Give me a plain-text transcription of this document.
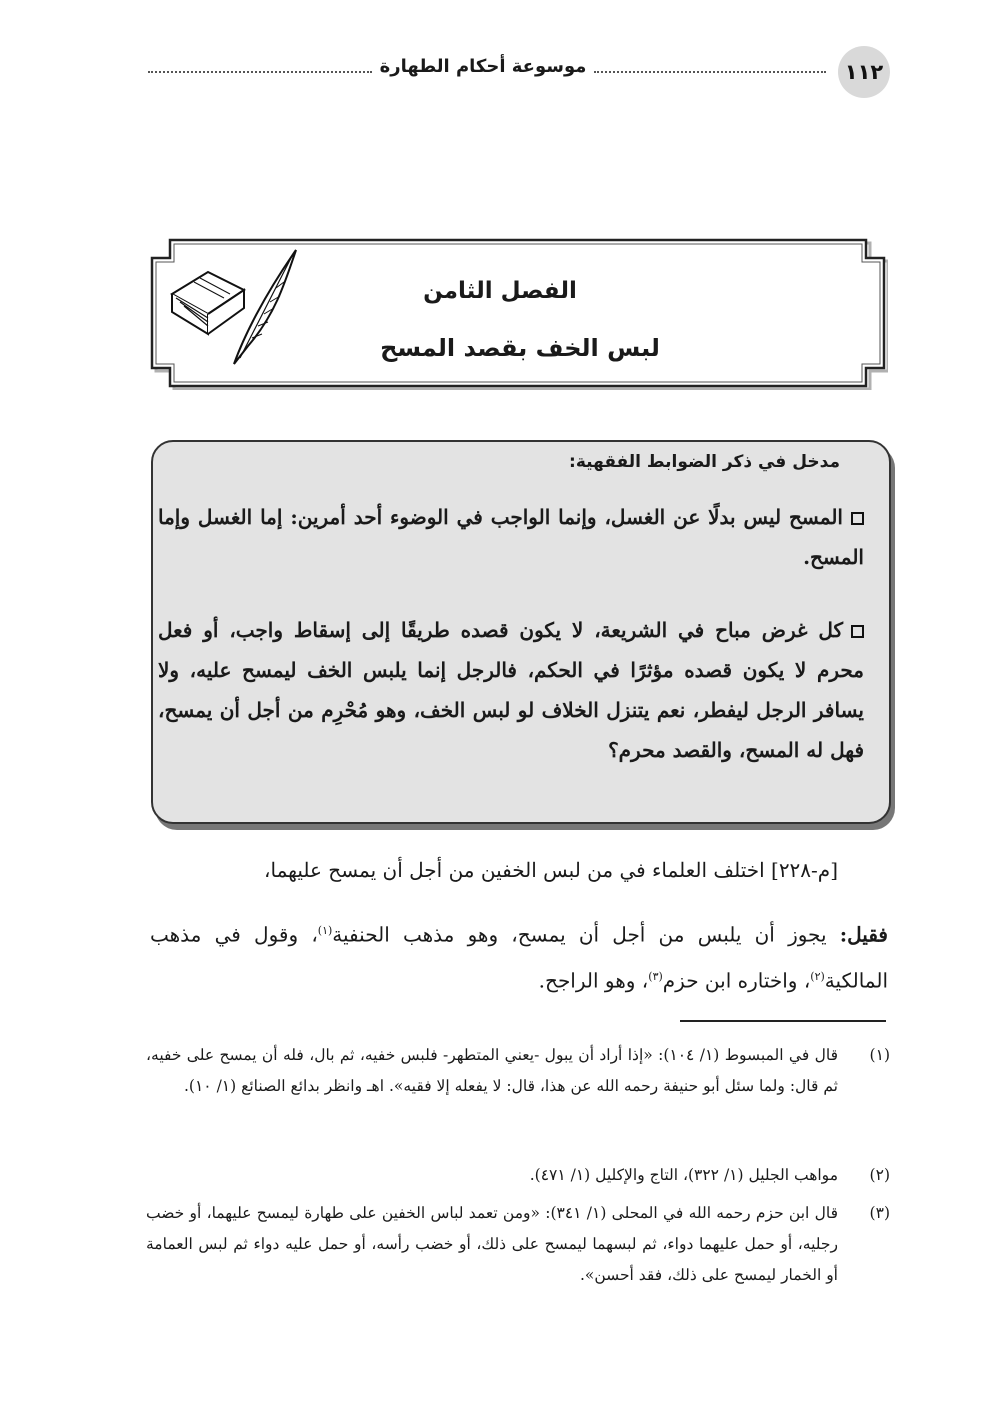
١١٢
موسوعة أحكام الطهارة
الفصل الثامن
لبس الخف بقصد المسح
مدخل في ذكر الضوابط الفقهية:

المسح ليس بدلًا عن الغسل، وإنما الواجب في الوضوء أحد أمرين: إما الغسل وإما المسح.

كل غرض مباح في الشريعة، لا يكون قصده طريقًا إلى إسقاط واجب، أو فعل محرم لا يكون قصده مؤثرًا في الحكم، فالرجل إنما يلبس الخف ليمسح عليه، ولا يسافر الرجل ليفطر، نعم يتنزل الخلاف لو لبس الخف، وهو مُحْرِم من أجل أن يمسح، فهل له المسح، والقصد محرم؟

[م-٢٢٨] اختلف العلماء في من لبس الخفين من أجل أن يمسح عليهما،

فقيل: يجوز أن يلبس من أجل أن يمسح، وهو مذهب الحنفية$^{(١)}$، وقول في مذهب المالكية$^{(٢)}$، واختاره ابن حزم$^{(٣)}$، وهو الراجح.

(١)
قال في المبسوط (١/ ١٠٤): «إذا أراد أن يبول -يعني المتطهر- فلبس خفيه، ثم بال، فله أن يمسح على خفيه، ثم قال: ولما سئل أبو حنيفة رحمه الله عن هذا، قال: لا يفعله إلا فقيه». اهـ وانظر بدائع الصنائع (١/ ١٠).
(٢)
مواهب الجليل (١/ ٣٢٢)، التاج والإكليل (١/ ٤٧١).
(٣)
قال ابن حزم رحمه الله في المحلى (١/ ٣٤١): «ومن تعمد لباس الخفين على طهارة ليمسح عليهما، أو خضب رجليه، أو حمل عليهما دواء، ثم لبسهما ليمسح على ذلك، أو خضب رأسه، أو حمل عليه دواء ثم لبس العمامة أو الخمار ليمسح على ذلك، فقد أحسن».
